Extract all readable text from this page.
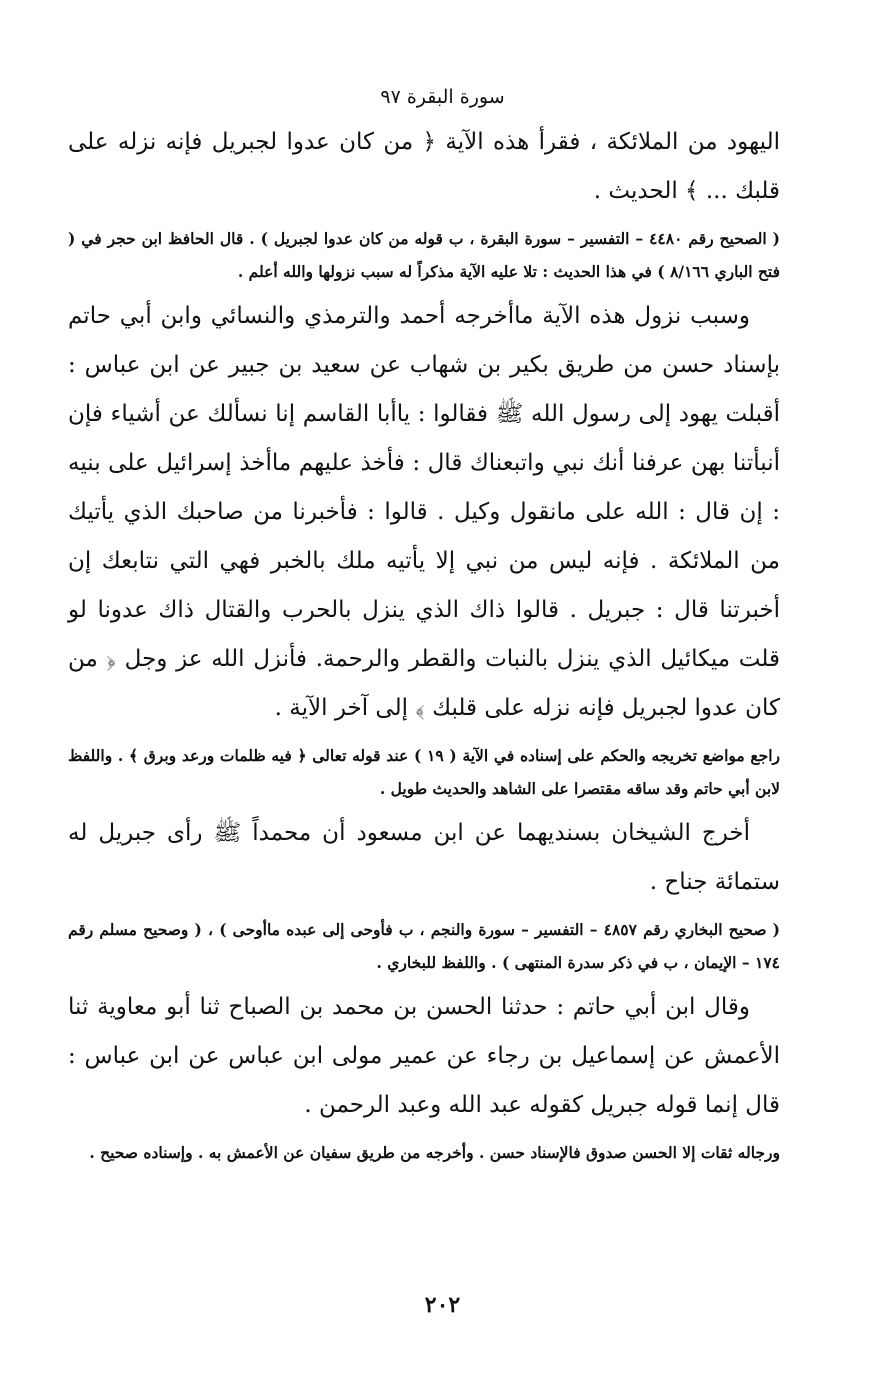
سورة البقرة ٩٧

اليهود من الملائكة ، فقرأ هذه الآية ﴿ من كان عدوا لجبريل فإنه نزله على قلبك ... ﴾ الحديث .

( الصحيح رقم ٤٤٨٠ – التفسير – سورة البقرة ، ب قوله من كان عدوا لجبريل ) . قال الحافظ ابن حجر في ( فتح الباري ٨/١٦٦ ) في هذا الحديث : تلا عليه الآية مذكراً له سبب نزولها والله أعلم .

وسبب نزول هذه الآية ماأخرجه أحمد والترمذي والنسائي وابن أبي حاتم بإسناد حسن من طريق بكير بن شهاب عن سعيد بن جبير عن ابن عباس : أقبلت يهود إلى رسول الله ﷺ فقالوا : ياأبا القاسم إنا نسألك عن أشياء فإن أنبأتنا بهن عرفنا أنك نبي واتبعناك قال : فأخذ عليهم ماأخذ إسرائيل على بنيه : إن قال : الله على مانقول وكيل . قالوا : فأخبرنا من صاحبك الذي يأتيك من الملائكة . فإنه ليس من نبي إلا يأتيه ملك بالخبر فهي التي نتابعك إن أخبرتنا قال : جبريل . قالوا ذاك الذي ينزل بالحرب والقتال ذاك عدونا لو قلت ميكائيل الذي ينزل بالنبات والقطر والرحمة. فأنزل الله عز وجل ﴿ من كان عدوا لجبريل فإنه نزله على قلبك ﴾ إلى آخر الآية .

راجع مواضع تخريجه والحكم على إسناده في الآية ( ١٩ ) عند قوله تعالى ﴿ فيه ظلمات ورعد وبرق ﴾ . واللفظ لابن أبي حاتم وقد ساقه مقتصرا على الشاهد والحديث طويل .

أخرج الشيخان بسنديهما عن ابن مسعود أن محمداً ﷺ رأى جبريل له ستمائة جناح .

( صحيح البخاري رقم ٤٨٥٧ – التفسير – سورة والنجم ، ب فأوحى إلى عبده ماأوحى ) ، ( وصحيح مسلم رقم ١٧٤ – الإيمان ، ب في ذكر سدرة المنتهى ) . واللفظ للبخاري .

وقال ابن أبي حاتم : حدثنا الحسن بن محمد بن الصباح ثنا أبو معاوية ثنا الأعمش عن إسماعيل بن رجاء عن عمير مولى ابن عباس عن ابن عباس : قال إنما قوله جبريل كقوله عبد الله وعبد الرحمن .

ورجاله ثقات إلا الحسن صدوق فالإسناد حسن . وأخرجه من طريق سفيان عن الأعمش به . وإسناده صحيح .

٢٠٢
